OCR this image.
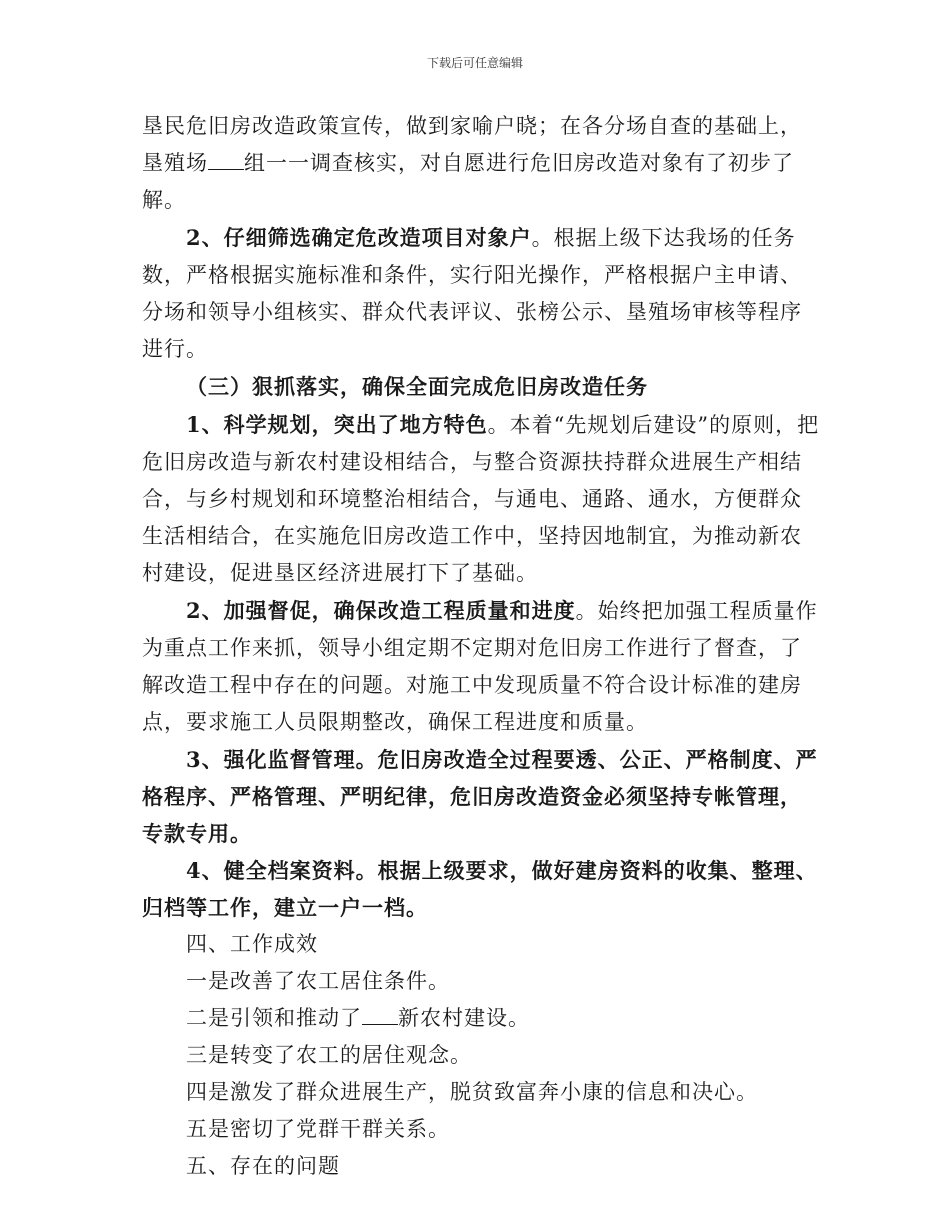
下载后可任意编辑

垦民危旧房改造政策宣传，做到家喻户晓；在各分场自查的基础上，
垦殖场 组一一调查核实，对自愿进行危旧房改造对象有了初步了解。

2、仔细筛选确定危改造项目对象户。根据上级下达我场的任务数，严格根据实施标准和条件，实行阳光操作，严格根据户主申请、分场和领导小组核实、群众代表评议、张榜公示、垦殖场审核等程序进行。

（三）狠抓落实，确保全面完成危旧房改造任务

1、科学规划，突出了地方特色。本着“先规划后建设”的原则，把危旧房改造与新农村建设相结合，与整合资源扶持群众进展生产相结合，与乡村规划和环境整治相结合，与通电、通路、通水，方便群众生活相结合，在实施危旧房改造工作中，坚持因地制宜，为推动新农村建设，促进垦区经济进展打下了基础。

2、加强督促，确保改造工程质量和进度。始终把加强工程质量作为重点工作来抓，领导小组定期不定期对危旧房工作进行了督查，了解改造工程中存在的问题。对施工中发现质量不符合设计标准的建房点，要求施工人员限期整改，确保工程进度和质量。

3、强化监督管理。危旧房改造全过程要透、公正、严格制度、严格程序、严格管理、严明纪律，危旧房改造资金必须坚持专帐管理，专款专用。

4、健全档案资料。根据上级要求，做好建房资料的收集、整理、归档等工作，建立一户一档。

四、工作成效

一是改善了农工居住条件。

二是引领和推动了 新农村建设。

三是转变了农工的居住观念。

四是激发了群众进展生产，脱贫致富奔小康的信息和决心。

五是密切了党群干群关系。

五、存在的问题
